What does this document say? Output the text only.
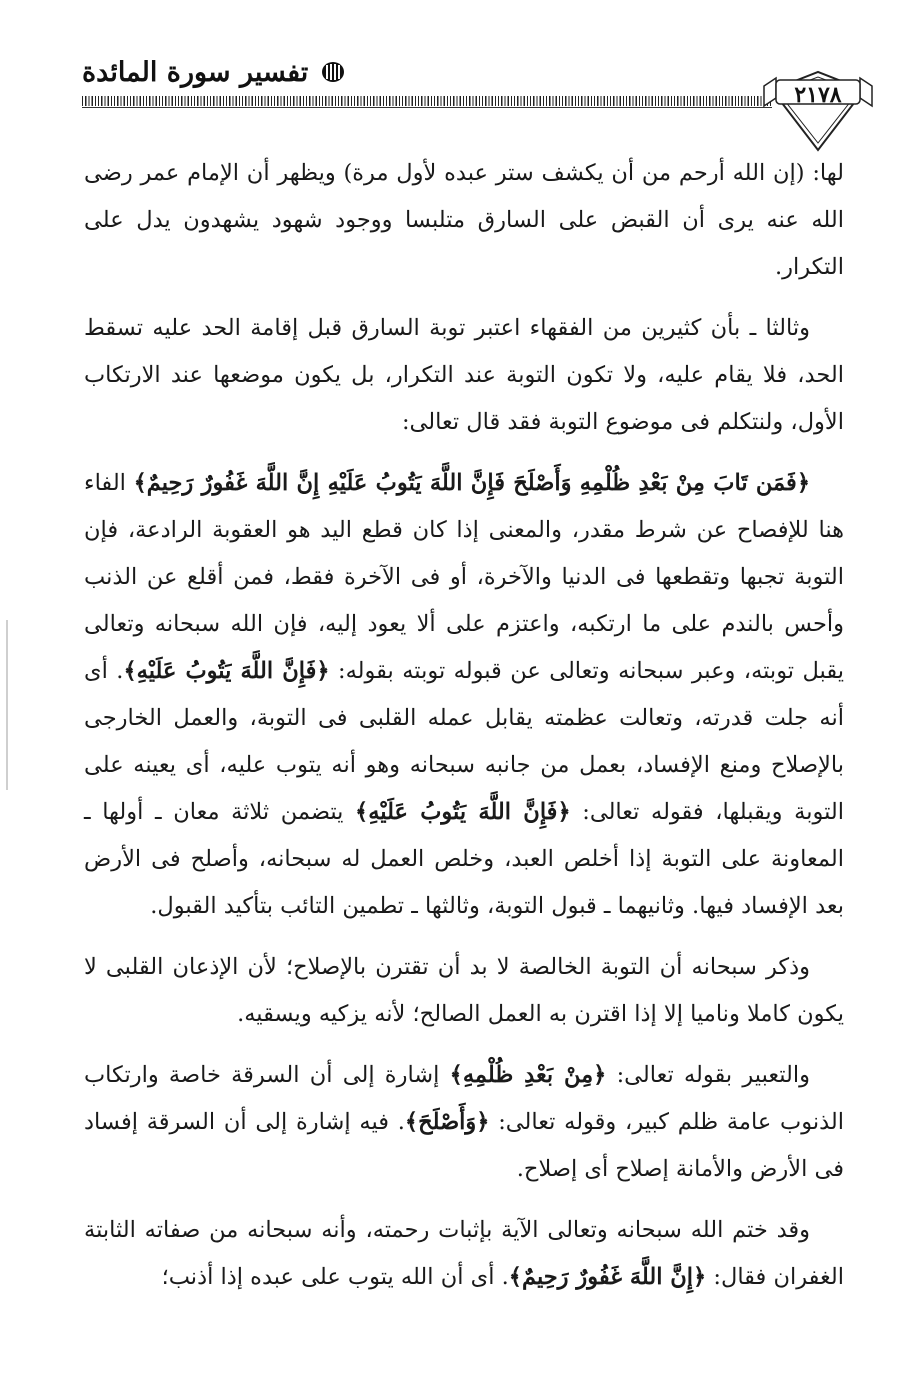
تفسير سورة المائدة
٢١٧٨

لها: (إن الله أرحم من أن يكشف ستر عبده لأول مرة) ويظهر أن الإمام عمر رضى الله عنه يرى أن القبض على السارق متلبسا ووجود شهود يشهدون يدل على التكرار.

وثالثا ـ بأن كثيرين من الفقهاء اعتبر توبة السارق قبل إقامة الحد عليه تسقط الحد، فلا يقام عليه، ولا تكون التوبة عند التكرار، بل يكون موضعها عند الارتكاب الأول، ولنتكلم فى موضوع التوبة فقد قال تعالى:

﴿فَمَن تَابَ مِنْ بَعْدِ ظُلْمِهِ وَأَصْلَحَ فَإِنَّ اللَّهَ يَتُوبُ عَلَيْهِ إِنَّ اللَّهَ غَفُورٌ رَحِيمٌ﴾ الفاء هنا للإفصاح عن شرط مقدر، والمعنى إذا كان قطع اليد هو العقوبة الرادعة، فإن التوبة تجبها وتقطعها فى الدنيا والآخرة، أو فى الآخرة فقط، فمن أقلع عن الذنب وأحس بالندم على ما ارتكبه، واعتزم على ألا يعود إليه، فإن الله سبحانه وتعالى يقبل توبته، وعبر سبحانه وتعالى عن قبوله توبته بقوله: ﴿فَإِنَّ اللَّهَ يَتُوبُ عَلَيْهِ﴾. أى أنه جلت قدرته، وتعالت عظمته يقابل عمله القلبى فى التوبة، والعمل الخارجى بالإصلاح ومنع الإفساد، بعمل من جانبه سبحانه وهو أنه يتوب عليه، أى يعينه على التوبة ويقبلها، فقوله تعالى: ﴿فَإِنَّ اللَّهَ يَتُوبُ عَلَيْهِ﴾ يتضمن ثلاثة معان ـ أولها ـ المعاونة على التوبة إذا أخلص العبد، وخلص العمل له سبحانه، وأصلح فى الأرض بعد الإفساد فيها. وثانيهما ـ قبول التوبة، وثالثها ـ تطمين التائب بتأكيد القبول.

وذكر سبحانه أن التوبة الخالصة لا بد أن تقترن بالإصلاح؛ لأن الإذعان القلبى لا يكون كاملا وناميا إلا إذا اقترن به العمل الصالح؛ لأنه يزكيه ويسقيه.

والتعبير بقوله تعالى: ﴿مِنْ بَعْدِ ظُلْمِهِ﴾ إشارة إلى أن السرقة خاصة وارتكاب الذنوب عامة ظلم كبير، وقوله تعالى: ﴿وَأَصْلَحَ﴾. فيه إشارة إلى أن السرقة إفساد فى الأرض والأمانة إصلاح أى إصلاح.

وقد ختم الله سبحانه وتعالى الآية بإثبات رحمته، وأنه سبحانه من صفاته الثابتة الغفران فقال: ﴿إِنَّ اللَّهَ غَفُورٌ رَحِيمٌ﴾. أى أن الله يتوب على عبده إذا أذنب؛
